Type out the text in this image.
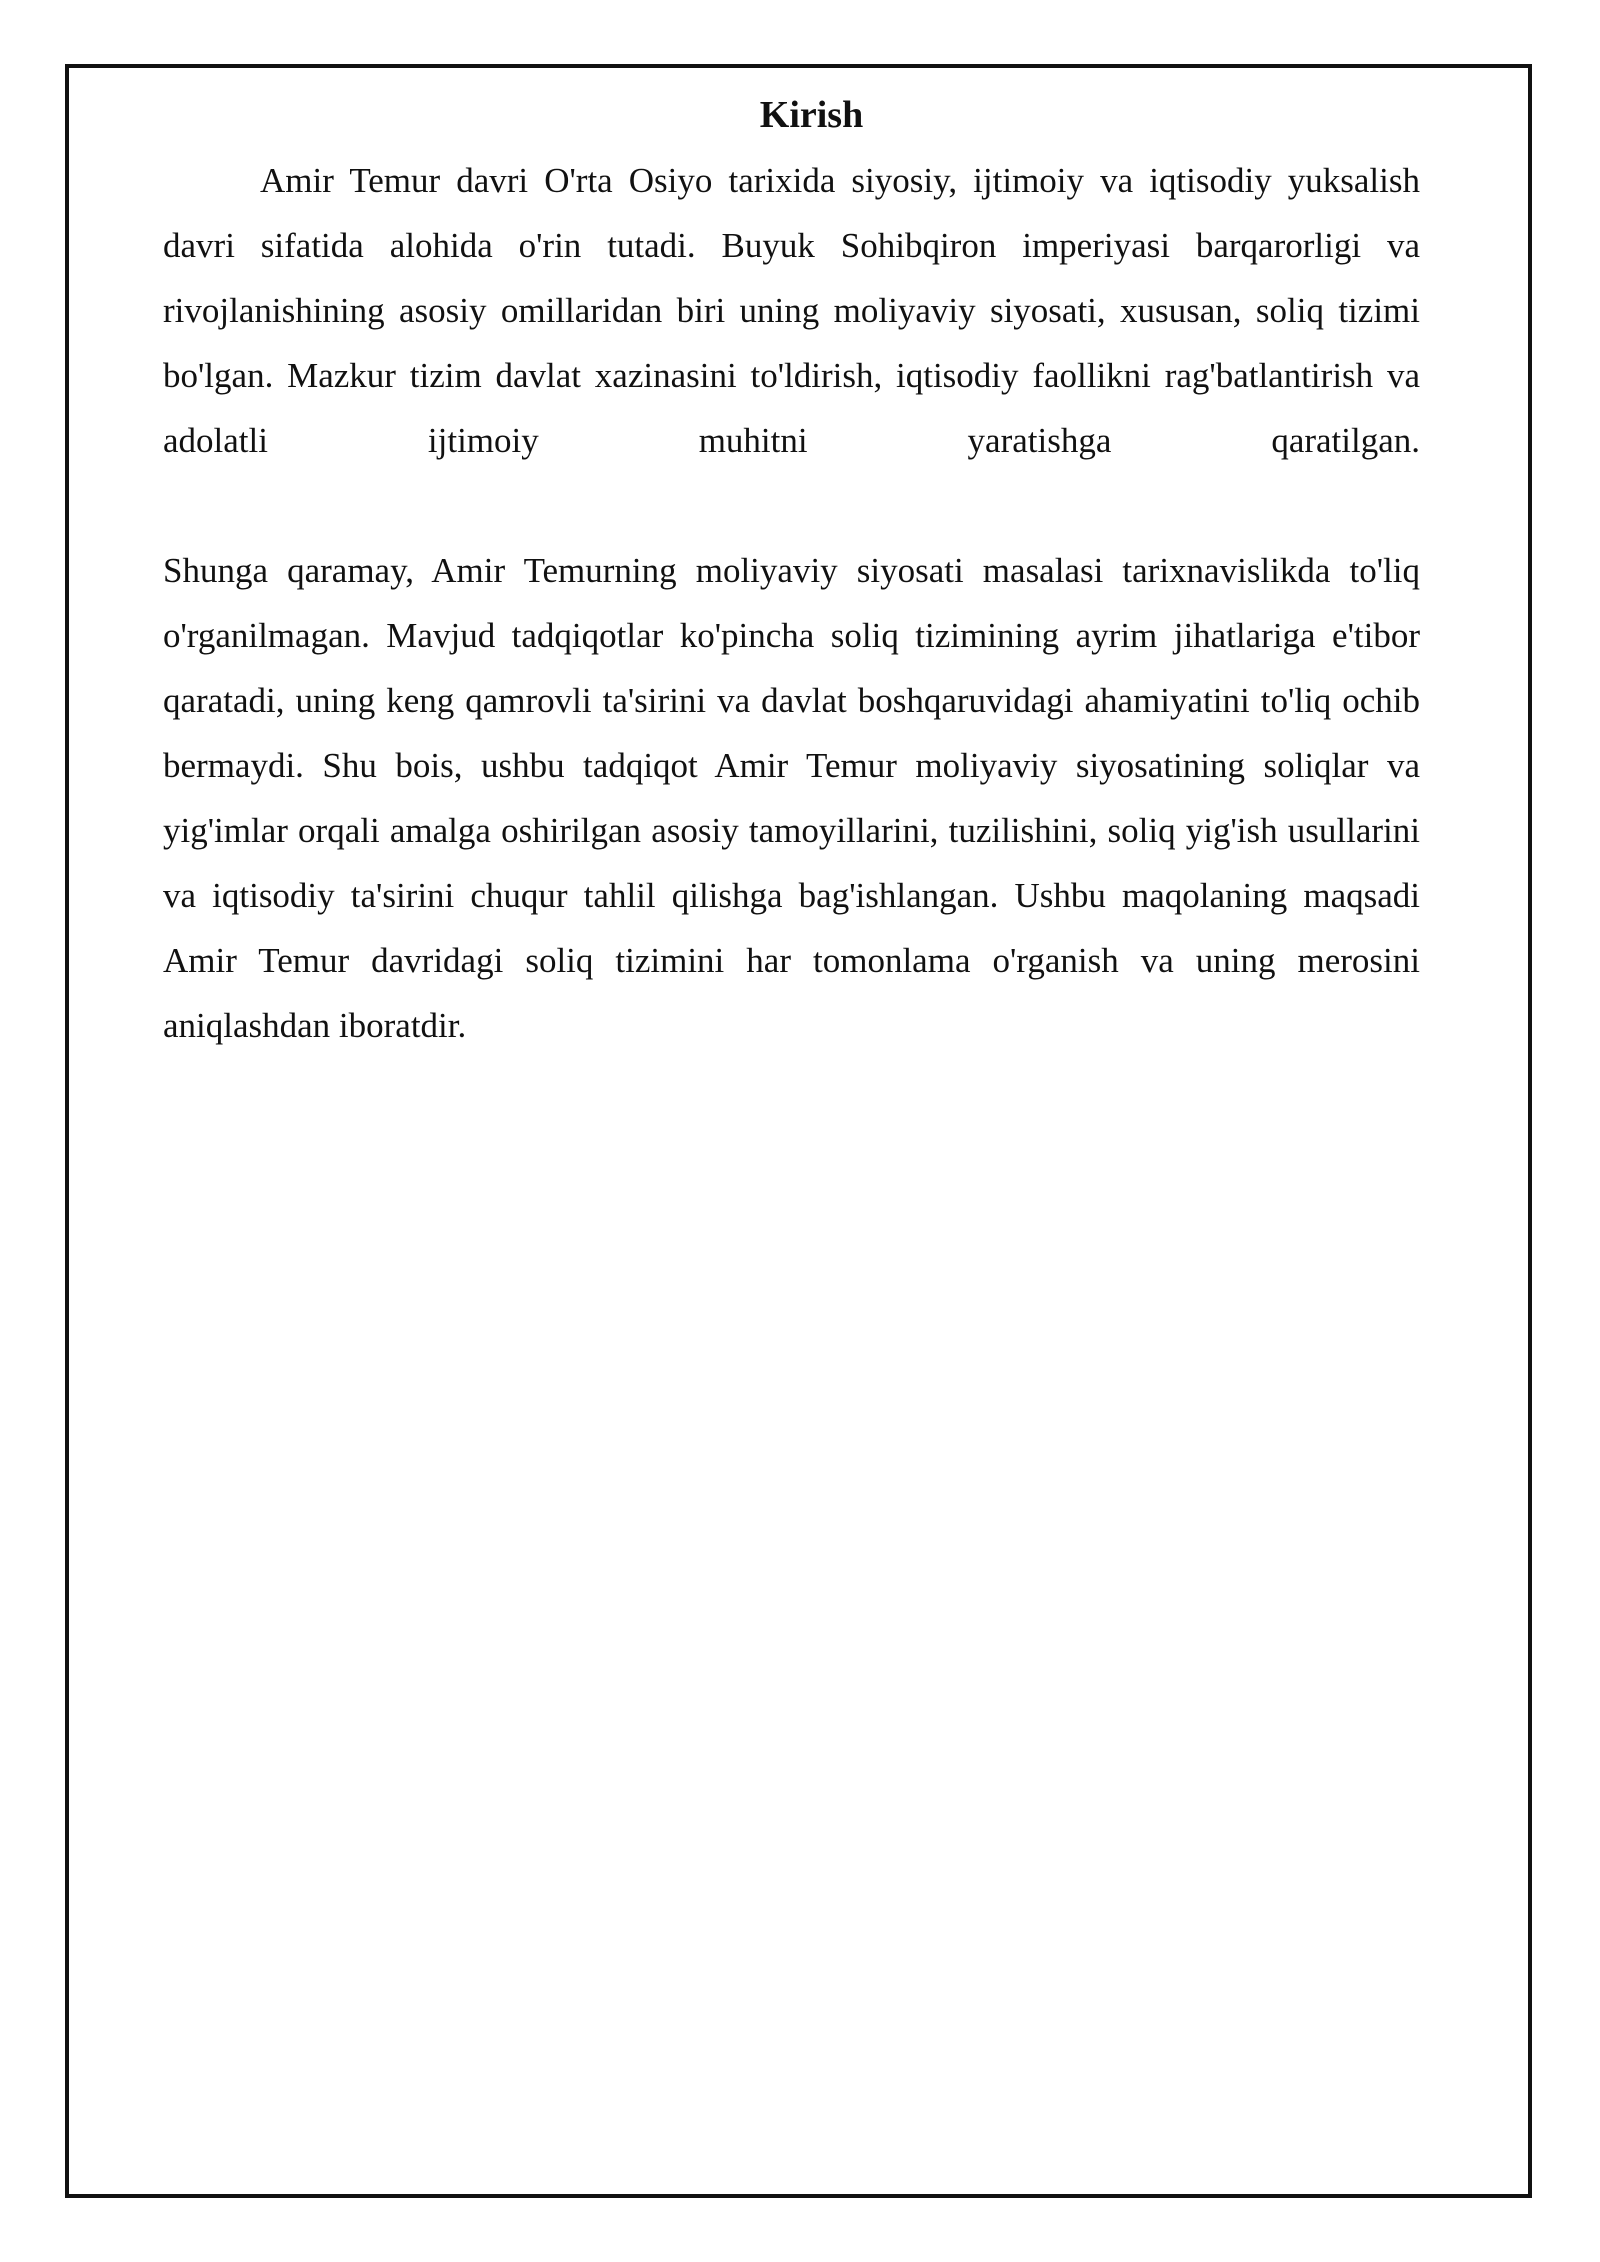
Kirish

Amir Temur davri O'rta Osiyo tarixida siyosiy, ijtimoiy va iqtisodiy yuksalish davri sifatida alohida o'rin tutadi. Buyuk Sohibqiron imperiyasi barqarorligi va rivojlanishining asosiy omillaridan biri uning moliyaviy siyosati, xususan, soliq tizimi bo'lgan. Mazkur tizim davlat xazinasini to'ldirish, iqtisodiy faollikni rag'batlantirish va adolatli ijtimoiy muhitni yaratishga qaratilgan.

Shunga qaramay, Amir Temurning moliyaviy siyosati masalasi tarixnavislikda to'liq o'rganilmagan. Mavjud tadqiqotlar ko'pincha soliq tizimining ayrim jihatlariga e'tibor qaratadi, uning keng qamrovli ta'sirini va davlat boshqaruvidagi ahamiyatini to'liq ochib bermaydi. Shu bois, ushbu tadqiqot Amir Temur moliyaviy siyosatining soliqlar va yig'imlar orqali amalga oshirilgan asosiy tamoyillarini, tuzilishini, soliq yig'ish usullarini va iqtisodiy ta'sirini chuqur tahlil qilishga bag'ishlangan. Ushbu maqolaning maqsadi Amir Temur davridagi soliq tizimini har tomonlama o'rganish va uning merosini aniqlashdan iboratdir.
